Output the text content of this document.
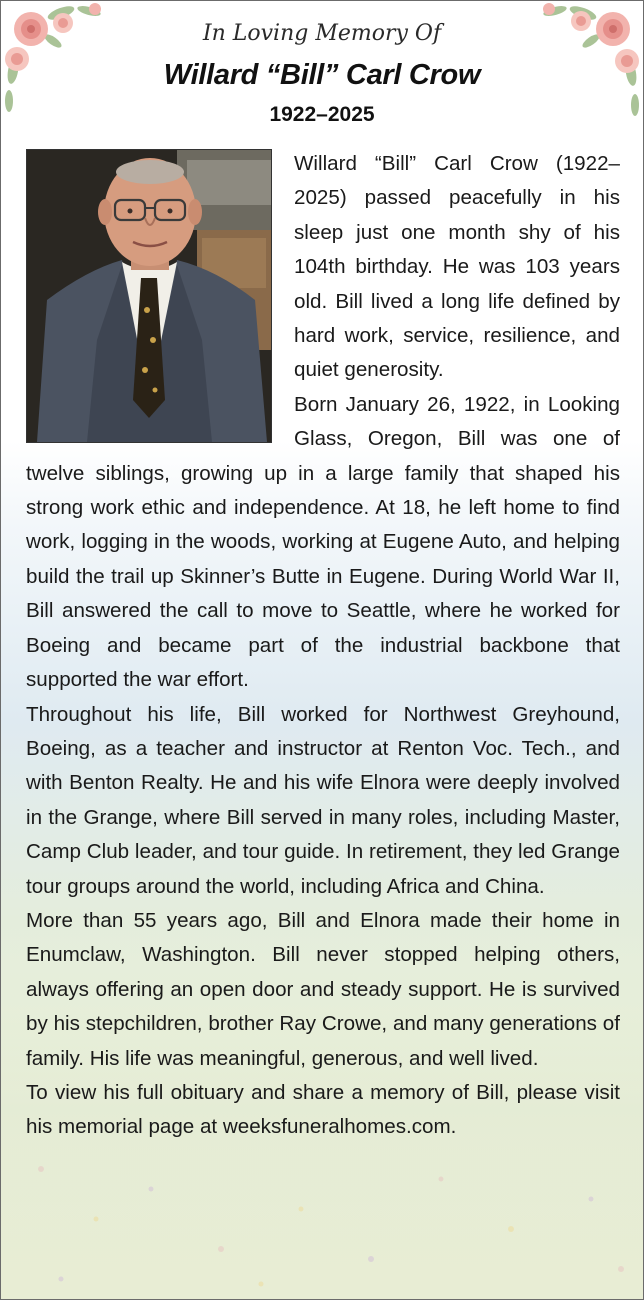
In Loving Memory Of
Willard “Bill” Carl Crow
1922–2025

Willard “Bill” Carl Crow (1922–2025) passed peacefully in his sleep just one month shy of his 104th birthday. He was 103 years old. Bill lived a long life defined by hard work, service, resilience, and quiet generosity.

Born January 26, 1922, in Looking Glass, Oregon, Bill was one of twelve siblings, growing up in a large family that shaped his strong work ethic and independence. At 18, he left home to find work, logging in the woods, working at Eugene Auto, and helping build the trail up Skinner’s Butte in Eugene. During World War II, Bill answered the call to move to Seattle, where he worked for Boeing and became part of the industrial backbone that supported the war effort.

Throughout his life, Bill worked for Northwest Greyhound, Boeing, as a teacher and instructor at Renton Voc. Tech., and with Benton Realty. He and his wife Elnora were deeply involved in the Grange, where Bill served in many roles, including Master, Camp Club leader, and tour guide. In retirement, they led Grange tour groups around the world, including Africa and China.

More than 55 years ago, Bill and Elnora made their home in Enumclaw, Washington. Bill never stopped helping others, always offering an open door and steady support. He is survived by his stepchildren, brother Ray Crowe, and many generations of family. His life was meaningful, generous, and well lived.

To view his full obituary and share a memory of Bill, please visit his memorial page at weeksfuneralhomes.com.
